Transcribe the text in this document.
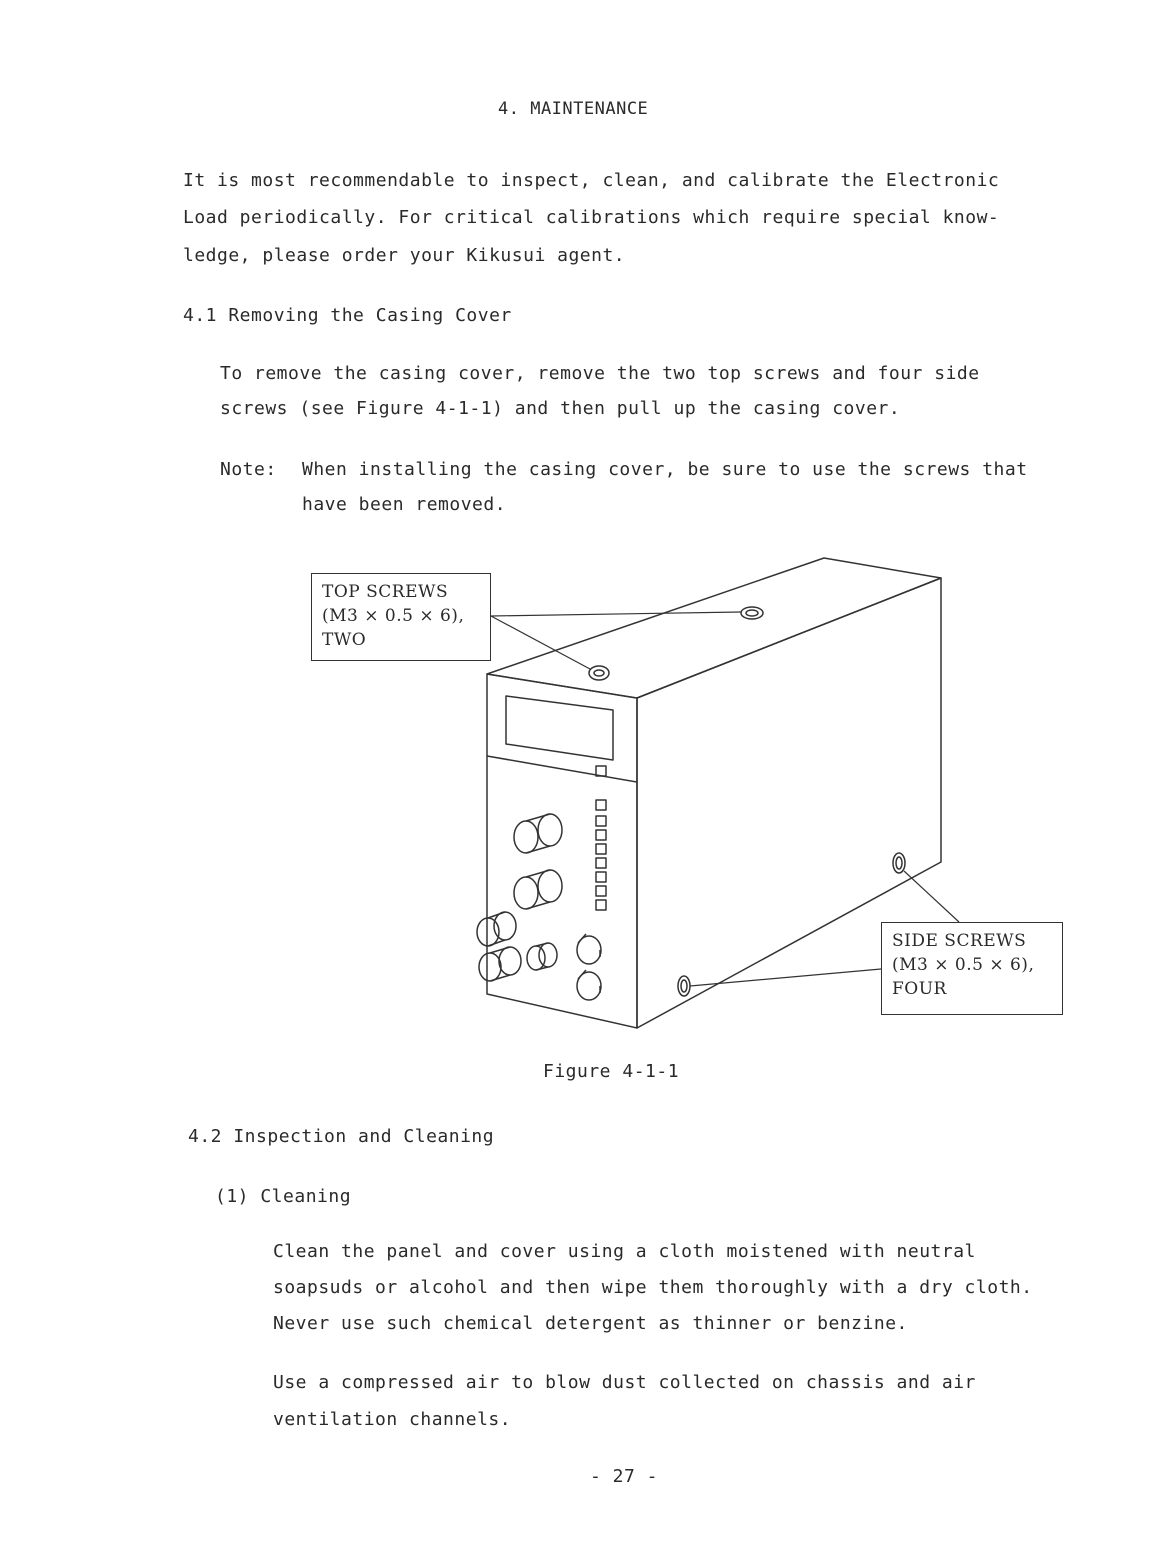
4. MAINTENANCE
It is most recommendable to inspect, clean, and calibrate the Electronic
Load periodically. For critical calibrations which require special know-
ledge, please order your Kikusui agent.
4.1 Removing the Casing Cover
To remove the casing cover, remove the two top screws and four side
screws (see Figure 4-1-1) and then pull up the casing cover.
Note: When installing the casing cover, be sure to use the screws that
have been removed.
TOP SCREWS
(M3 × 0.5 × 6),
TWO
SIDE SCREWS
(M3 × 0.5 × 6),
FOUR
Figure 4-1-1
4.2 Inspection and Cleaning
(1) Cleaning
Clean the panel and cover using a cloth moistened with neutral
soapsuds or alcohol and then wipe them thoroughly with a dry cloth.
Never use such chemical detergent as thinner or benzine.
Use a compressed air to blow dust collected on chassis and air
ventilation channels.
- 27 -
